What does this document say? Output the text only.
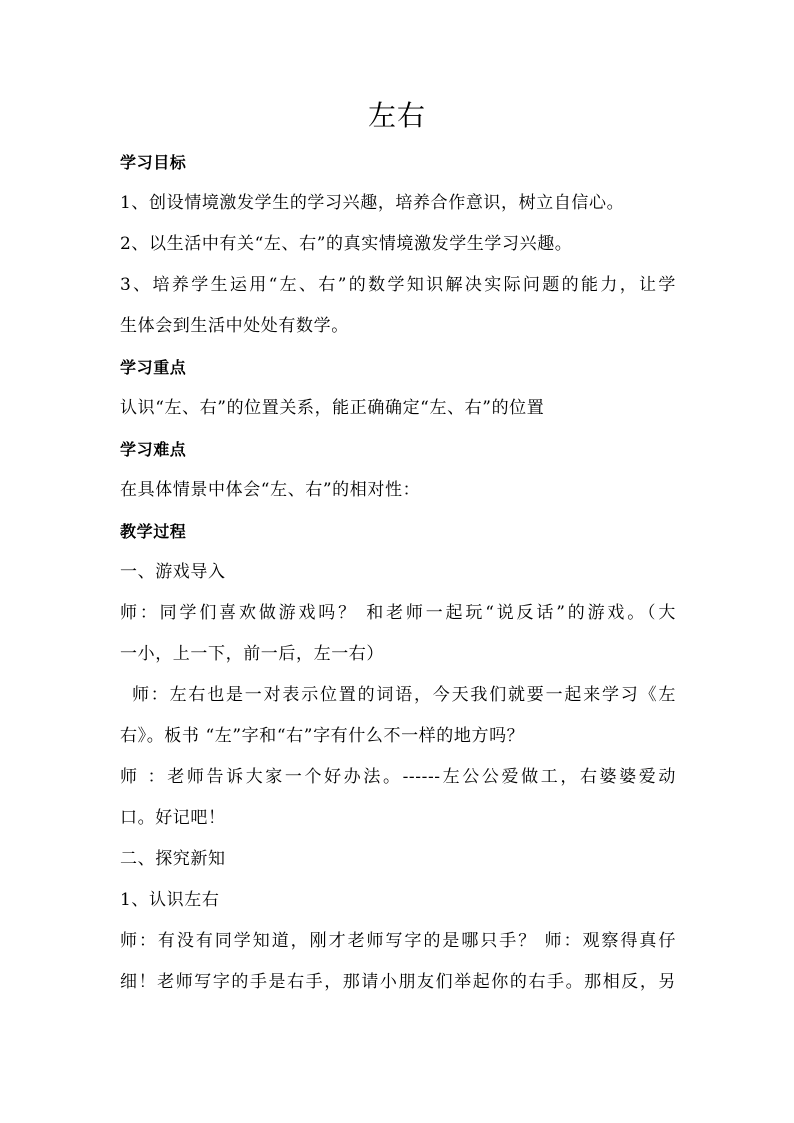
左右
学习目标
1、创设情境激发学生的学习兴趣，培养合作意识，树立自信心。
2、以生活中有关“左、右”的真实情境激发学生学习兴趣。
3、培养学生运用“左、右”的数学知识解决实际问题的能力，让学
生体会到生活中处处有数学。
学习重点
认识“左、右”的位置关系，能正确确定“左、右”的位置
学习难点
在具体情景中体会“左、右”的相对性：
教学过程
一、游戏导入
师：同学们喜欢做游戏吗？ 和老师一起玩“说反话”的游戏。（大
一小，上一下，前一后，左一右）
师：左右也是一对表示位置的词语，今天我们就要一起来学习《左
右》。板书 “左”字和“右”字有什么不一样的地方吗？
师 ：老师告诉大家一个好办法。------左公公爱做工，右婆婆爱动
口。好记吧！
二、探究新知
1、认识左右
师：有没有同学知道，刚才老师写字的是哪只手？ 师：观察得真仔
细！老师写字的手是右手，那请小朋友们举起你的右手。那相反，另
